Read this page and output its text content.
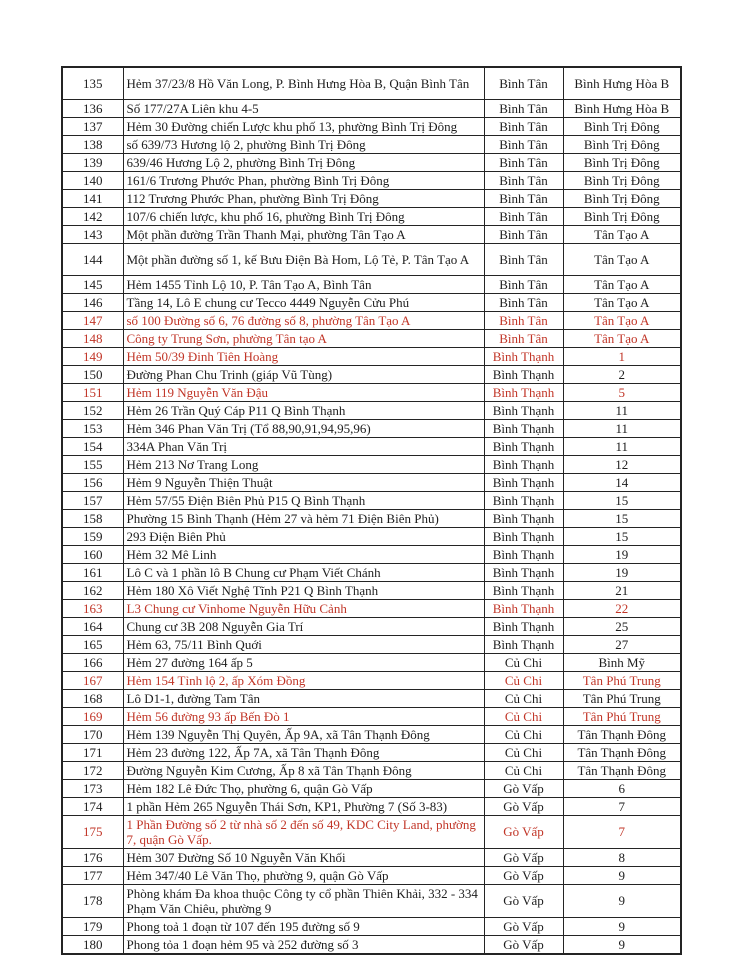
135	Hẻm 37/23/8 Hồ Văn Long, P. Bình Hưng Hòa B, Quận Bình Tân	Bình Tân	Bình Hưng Hòa B
136	Số 177/27A Liên khu 4-5	Bình Tân	Bình Hưng Hòa B
137	Hẻm 30 Đường chiến Lược khu phố 13, phường Bình Trị Đông	Bình Tân	Bình Trị Đông
138	số 639/73 Hương lộ 2, phường Bình Trị Đông	Bình Tân	Bình Trị Đông
139	639/46 Hương Lộ 2, phường Bình Trị Đông	Bình Tân	Bình Trị Đông
140	161/6 Trương Phước Phan, phường Bình Trị Đông	Bình Tân	Bình Trị Đông
141	112 Trương Phước Phan, phường Bình Trị Đông	Bình Tân	Bình Trị Đông
142	107/6 chiến lược, khu phố 16, phường Bình Trị Đông	Bình Tân	Bình Trị Đông
143	Một phần đường Trần Thanh Mại, phường Tân Tạo A	Bình Tân	Tân Tạo A
144	Một phần đường số 1, kế Bưu Điện Bà Hom, Lộ Tẻ, P. Tân Tạo A	Bình Tân	Tân Tạo A
145	Hẻm 1455 Tỉnh Lộ 10, P. Tân Tạo A, Bình Tân	Bình Tân	Tân Tạo A
146	Tầng 14, Lô E chung cư Tecco 4449 Nguyễn Cửu Phú	Bình Tân	Tân Tạo A
147	số 100 Đường số 6, 76 đường số 8, phường Tân Tạo A	Bình Tân	Tân Tạo A
148	Công ty Trung Sơn, phường Tân tạo A	Bình Tân	Tân Tạo A
149	Hẻm 50/39 Đinh Tiên Hoàng	Bình Thạnh	1
150	Đường Phan Chu Trinh (giáp Vũ Tùng)	Bình Thạnh	2
151	Hẻm 119 Nguyễn Văn Đậu	Bình Thạnh	5
152	Hẻm 26 Trần Quý Cáp P11 Q Bình Thạnh	Bình Thạnh	11
153	Hẻm 346 Phan Văn Trị (Tổ 88,90,91,94,95,96)	Bình Thạnh	11
154	334A Phan Văn Trị	Bình Thạnh	11
155	Hẻm 213 Nơ Trang Long	Bình Thạnh	12
156	Hẻm 9 Nguyễn Thiện Thuật	Bình Thạnh	14
157	Hẻm 57/55 Điện Biên Phủ P15 Q Bình Thạnh	Bình Thạnh	15
158	Phường 15 Bình Thạnh (Hẻm 27 và hẻm 71 Điện Biên Phủ)	Bình Thạnh	15
159	293 Điện Biên Phủ	Bình Thạnh	15
160	Hẻm 32 Mê Linh	Bình Thạnh	19
161	Lô C và 1 phần lô B Chung cư Phạm Viết Chánh	Bình Thạnh	19
162	Hẻm 180 Xô Viết Nghệ Tĩnh P21 Q Bình Thạnh	Bình Thạnh	21
163	L3 Chung cư Vinhome Nguyễn Hữu Cảnh	Bình Thạnh	22
164	Chung cư 3B 208 Nguyễn Gia Trí	Bình Thạnh	25
165	Hẻm 63, 75/11 Bình Quới	Bình Thạnh	27
166	Hẻm 27 đường 164 ấp 5	Củ Chi	Bình Mỹ
167	Hẻm 154 Tỉnh lộ 2, ấp Xóm Đồng	Củ Chi	Tân Phú Trung
168	Lô D1-1, đường Tam Tân	Củ Chi	Tân Phú Trung
169	Hẻm 56 đường 93 ấp Bến Đò 1	Củ Chi	Tân Phú Trung
170	Hẻm 139 Nguyễn Thị Quyên, Ấp 9A, xã Tân Thạnh Đông	Củ Chi	Tân Thạnh Đông
171	Hẻm 23 đường 122, Ấp 7A, xã Tân Thạnh Đông	Củ Chi	Tân Thạnh Đông
172	Đường Nguyễn Kim Cương, Ấp 8 xã Tân Thạnh Đông	Củ Chi	Tân Thạnh Đông
173	Hẻm 182 Lê Đức Thọ, phường 6, quận Gò Vấp	Gò Vấp	6
174	1 phần Hẻm 265 Nguyễn Thái Sơn, KP1, Phường 7 (Số 3-83)	Gò Vấp	7
175	1 Phần Đường số 2 từ nhà số 2 đến số 49, KDC City Land, phường 7, quận Gò Vấp.	Gò Vấp	7
176	Hẻm 307 Đường Số 10 Nguyễn Văn Khối	Gò Vấp	8
177	Hẻm 347/40 Lê Văn Thọ, phường 9, quận Gò Vấp	Gò Vấp	9
178	Phòng khám Đa khoa thuộc Công ty cổ phần Thiên Khải, 332 - 334 Phạm Văn Chiêu, phường 9	Gò Vấp	9
179	Phong toả 1 đoạn từ 107 đến 195 đường số 9	Gò Vấp	9
180	Phong tỏa 1 đoạn hẻm 95 và 252 đường số 3	Gò Vấp	9
